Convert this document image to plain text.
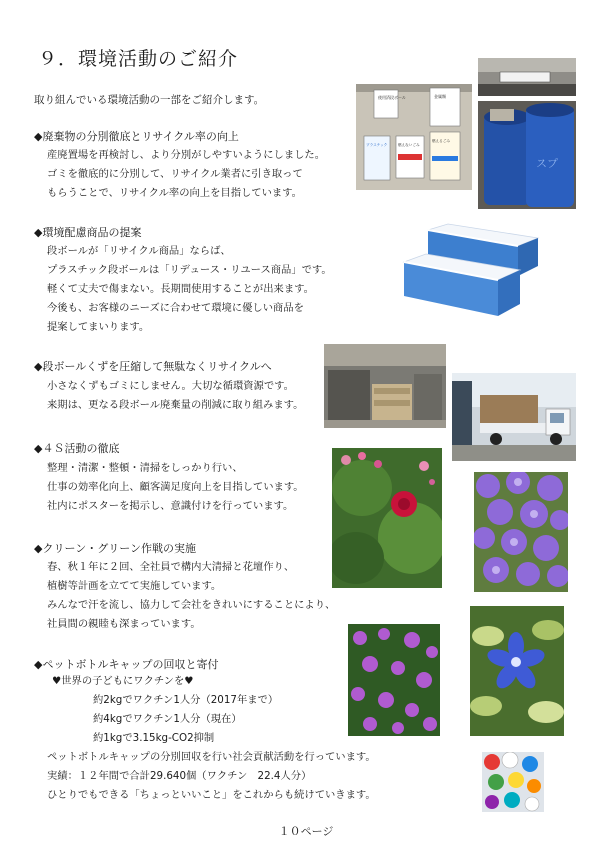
９．環境活動のご紹介
取り組んでいる環境活動の一部をご紹介します。
◆廃棄物の分別徹底とリサイクル率の向上
産廃置場を再検討し、より分別がしやすいようにしました。
ゴミを徹底的に分別して、リサイクル業者に引き取って
もらうことで、リサイクル率の向上を目指しています。
◆環境配慮商品の提案
段ボールが「リサイクル商品」ならば、
プラスチック段ボールは「リデュース・リユース商品」です。
軽くて丈夫で傷まない。長期間使用することが出来ます。
今後も、お客様のニーズに合わせて環境に優しい商品を
提案してまいります。
◆段ボールくずを圧縮して無駄なくリサイクルへ
小さなくずもゴミにしません。大切な循環資源です。
来期は、更なる段ボール廃棄量の削減に取り組みます。
◆４Ｓ活動の徹底
整理・清潔・整頓・清掃をしっかり行い、
仕事の効率化向上、顧客満足度向上を目指しています。
社内にポスターを掲示し、意識付けを行っています。
◆クリーン・グリーン作戦の実施
春、秋１年に２回、全社員で構内大清掃と花壇作り、
植樹等計画を立てて実施しています。
みんなで汗を流し、協力して会社をきれいにすることにより、
社員間の親睦も深まっています。
◆ペットボトルキャップの回収と寄付
♥世界の子どもにワクチンを♥
約2kgでワクチン1人分（2017年まで）
約4kgでワクチン1人分（現在）
約1kgで3.15kg-CO2抑制
ペットボトルキャップの分別回収を行い社会貢献活動を行っています。
実績：１２年間で合計29.640個（ワクチン　22.4人分）
ひとりでもできる「ちょっといいこと」をこれからも続けていきます。
１０ページ
使用済段ボール	金属類
プラスチック	燃えないごみ
燃えるごみ
スプ
